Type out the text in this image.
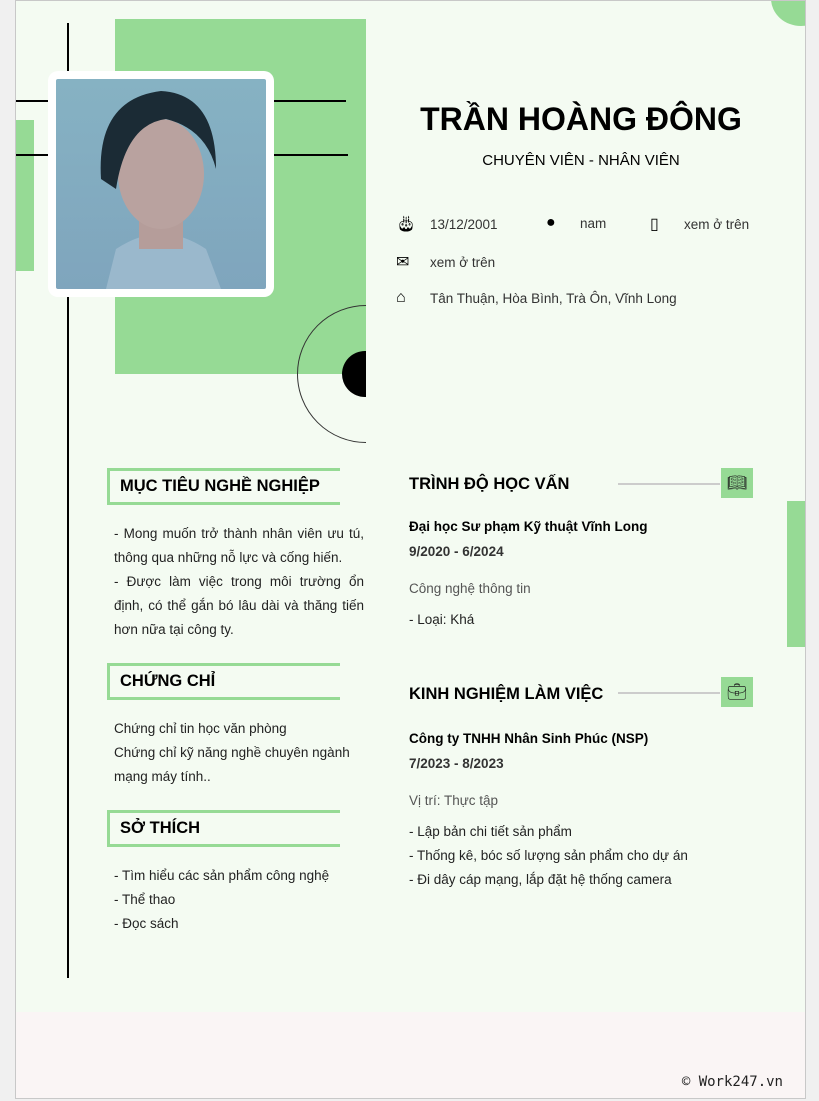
TRẦN HOÀNG ĐÔNG
CHUYÊN VIÊN - NHÂN VIÊN
🎂︎	13/12/2001	●	nam	▯	xem ở trên
✉	xem ở trên
⌂	Tân Thuận, Hòa Bình, Trà Ôn, Vĩnh Long
MỤC TIÊU NGHỀ NGHIỆP
- Mong muốn trở thành nhân viên ưu tú, thông qua những nỗ lực và cống hiến.
- Được làm việc trong môi trường ổn định, có thể gắn bó lâu dài và thăng tiến hơn nữa tại công ty.
CHỨNG CHỈ
Chứng chỉ tin học văn phòng
Chứng chỉ kỹ năng nghề chuyên ngành mạng máy tính..
SỞ THÍCH
- Tìm hiểu các sản phẩm công nghệ
- Thể thao
- Đọc sách
TRÌNH ĐỘ HỌC VẤN	📖︎
Đại học Sư phạm Kỹ thuật Vĩnh Long
9/2020 - 6/2024
Công nghệ thông tin
- Loại: Khá
KINH NGHIỆM LÀM VIỆC	💼︎
Công ty TNHH Nhân Sinh Phúc (NSP)
7/2023 - 8/2023
Vị trí: Thực tập
- Lập bản chi tiết sản phẩm
- Thống kê, bóc số lượng sản phẩm cho dự án
- Đi dây cáp mạng, lắp đặt hệ thống camera
© Work247.vn
